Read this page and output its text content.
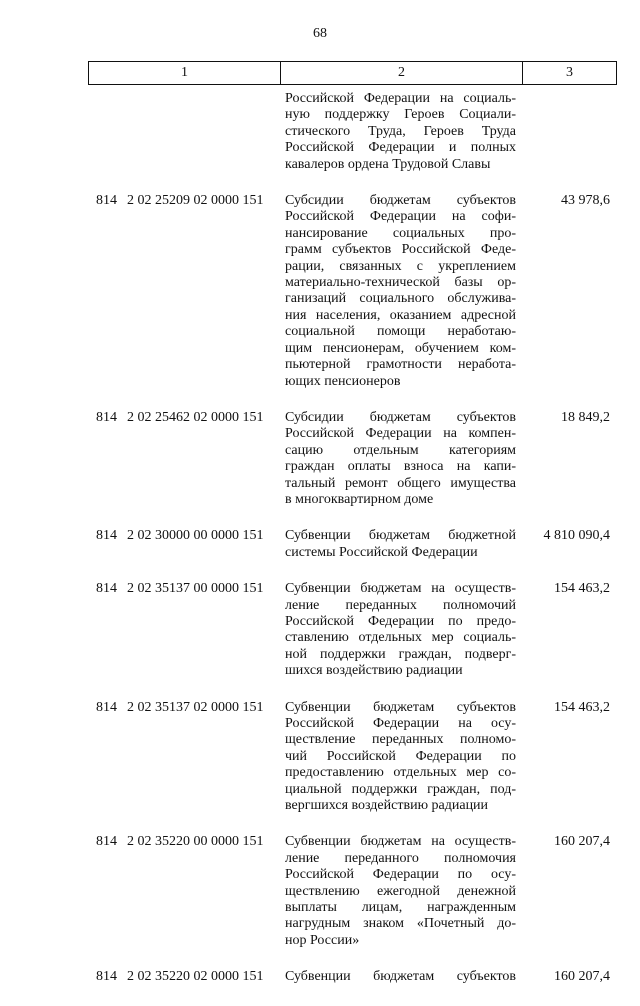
68
1	2	3
Российской Федерации на социаль-
ную поддержку Героев Социали-
стического Труда, Героев Труда
Российской Федерации и полных
кавалеров ордена Трудовой Славы
814 2 02 25209 02 0000 151	Субсидии бюджетам субъектов
Российской Федерации на софи-
нансирование социальных про-
грамм субъектов Российской Феде-
рации, связанных с укреплением
материально-технической базы ор-
ганизаций социального обслужива-
ния населения, оказанием адресной
социальной помощи неработаю-
щим пенсионерам, обучением ком-
пьютерной грамотности неработа-
ющих пенсионеров
43 978,6
814 2 02 25462 02 0000 151	Субсидии бюджетам субъектов
Российской Федерации на компен-
сацию отдельным категориям
граждан оплаты взноса на капи-
тальный ремонт общего имущества
в многоквартирном доме
18 849,2
814 2 02 30000 00 0000 151	Субвенции бюджетам бюджетной
системы Российской Федерации
4 810 090,4
814 2 02 35137 00 0000 151	Субвенции бюджетам на осуществ-
ление переданных полномочий
Российской Федерации по предо-
ставлению отдельных мер социаль-
ной поддержки граждан, подверг-
шихся воздействию радиации
154 463,2
814 2 02 35137 02 0000 151	Субвенции бюджетам субъектов
Российской Федерации на осу-
ществление переданных полномо-
чий Российской Федерации по
предоставлению отдельных мер со-
циальной поддержки граждан, под-
вергшихся воздействию радиации
154 463,2
814 2 02 35220 00 0000 151	Субвенции бюджетам на осуществ-
ление переданного полномочия
Российской Федерации по осу-
ществлению ежегодной денежной
выплаты лицам, награжденным
нагрудным знаком «Почетный до-
нор России»
160 207,4
814 2 02 35220 02 0000 151	Субвенции бюджетам субъектов	160 207,4
